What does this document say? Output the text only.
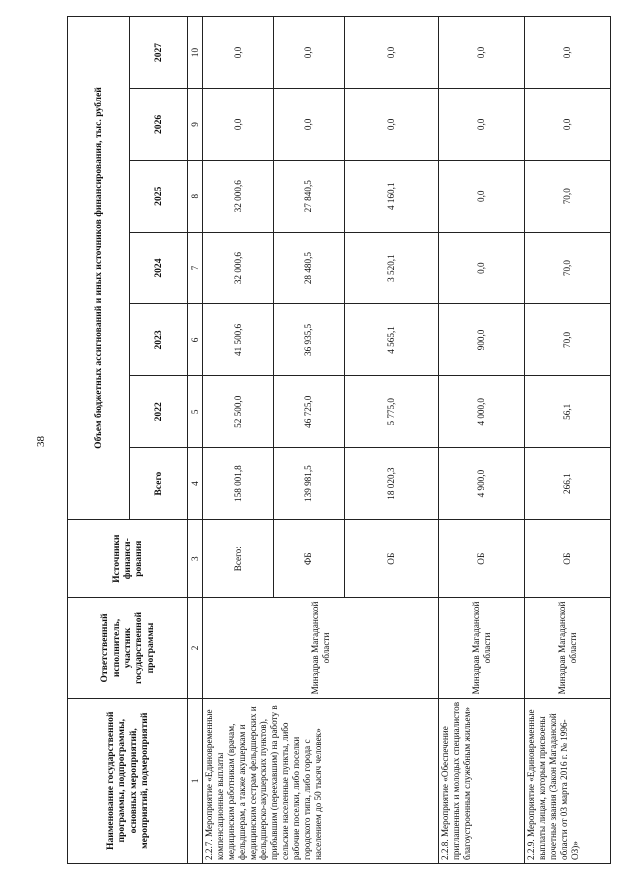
38
Наименование государственной программы, подпрограммы, основных мероприятий, мероприятий, подмероприятий	Ответственный исполнитель, участник государственной программы	Источники финанси-рования	Объем бюджетных ассигнований и иных источников финансирования, тыс. рублей						
			Всего	2022	2023	2024	2025	2026	2027
1	2	3	4	5	6	7	8	9	10
2.2.7. Мероприятие «Единовременные компенсационные выплаты медицинским работникам (врачам, фельдшерам, а также акушеркам и медицинским сестрам фельдшерских и фельдшерско-акушерских пунктов), прибывшим (переехавшим) на работу в сельские населенные пункты, либо рабочие поселки, либо поселки городского типа, либо города с населением до 50 тысяч человек»	Минздрав Магаданской области	Всего:	158 001,8	52 500,0	41 500,6	32 000,6	32 000,6	0,0	0,0
		ФБ	139 981,5	46 725,0	36 935,5	28 480,5	27 840,5	0,0	0,0
		ОБ	18 020,3	5 775,0	4 565,1	3 520,1	4 160,1	0,0	0,0
2.2.8. Мероприятие «Обеспечение приглашенных и молодых специалистов благоустроенным служебным жильем»	Минздрав Магаданской области	ОБ	4 900,0	4 000,0	900,0	0,0	0,0	0,0	0,0
2.2.9. Мероприятие «Единовременные выплаты лицам, которым присвоены почетные звания (Закон Магаданской области от 03 марта 2016 г. № 1996-ОЗ)»	Минздрав Магаданской области	ОБ	266,1	56,1	70,0	70,0	70,0	0,0	0,0
